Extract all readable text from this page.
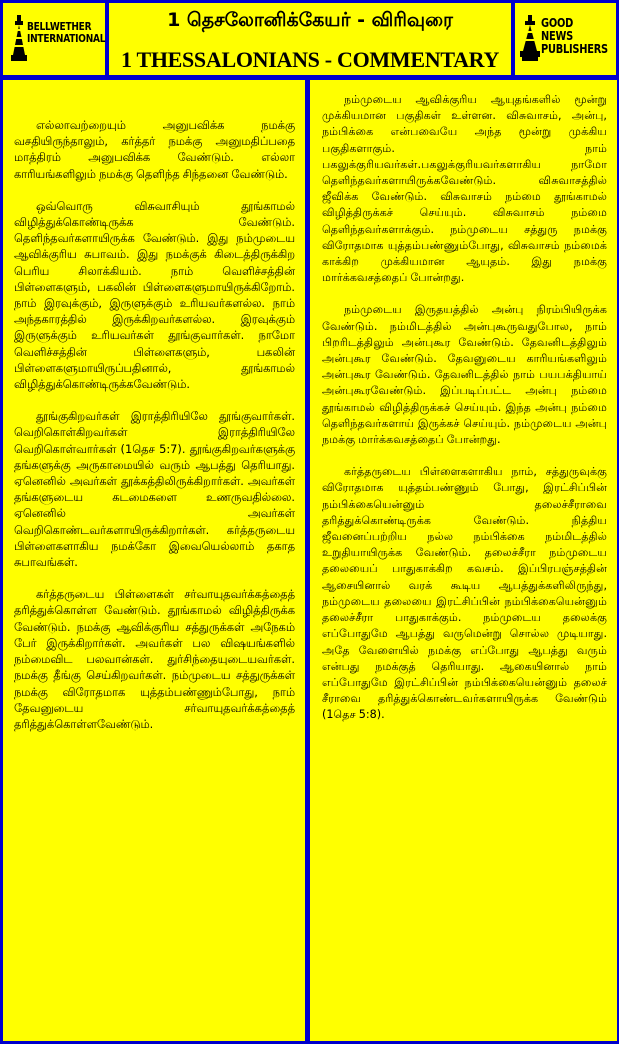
BELLWETHER INTERNATIONAL
1 தெசலோனிக்கேயர் - விரிவுரை
1 THESSALONIANS - COMMENTARY
GOOD NEWS PUBLISHERS

எல்லாவற்றையும் அனுபவிக்க நமக்கு வசதியிருந்தாலும், கர்த்தர் நமக்கு அனுமதிப்பதை மாத்திரம் அனுபவிக்க வேண்டும். எல்லா காரியங்களிலும் நமக்கு தெளிந்த சிந்தனை வேண்டும்.

ஒவ்வொரு விசுவாசியும் தூங்காமல் விழித்துக்கொண்டிருக்க வேண்டும். தெளிந்தவர்களாயிருக்க வேண்டும். இது நம்முடைய ஆவிக்குரிய சுபாவம். இது நமக்குக் கிடைத்திருக்கிற பெரிய சிலாக்கியம். நாம் வெளிச்சத்தின் பிள்ளைகளும், பகலின் பிள்ளைகளுமாயிருக்கிறோம். நாம் இரவுக்கும், இருளுக்கும் உரியவர்களல்ல. நாம் அந்தகாரத்தில் இருக்கிறவர்களல்ல. இரவுக்கும் இருளுக்கும் உரியவர்கள் தூங்குவார்கள். நாமோ வெளிச்சத்தின் பிள்ளைகளும், பகலின் பிள்ளைகளுமாயிருப்பதினால், தூங்காமல் விழித்துக்கொண்டிருக்கவேண்டும்.

தூங்குகிறவர்கள் இராத்திரியிலே தூங்குவார்கள். வெறிகொள்கிறவர்கள் இராத்திரியிலே வெறிகொள்வார்கள் (1தெச 5:7). தூங்குகிறவர்களுக்கு தங்களுக்கு அருகாமையில் வரும் ஆபத்து தெரியாது. ஏனெனில் அவர்கள் தூக்கத்திலிருக்கிறார்கள். அவர்கள் தங்களுடைய கடமைகளை உணருவதில்லை. ஏனெனில் அவர்கள் வெறிகொண்டவர்களாயிருக்கிறார்கள். கர்த்தருடைய பிள்ளைகளாகிய நமக்கோ இவையெல்லாம் தகாத சுபாவங்கள்.

கர்த்தருடைய பிள்ளைகள் சர்வாயுதவர்க்கத்தைத் தரித்துக்கொள்ள வேண்டும். தூங்காமல் விழித்திருக்க வேண்டும். நமக்கு ஆவிக்குரிய சத்துருக்கள் அநேகம் பேர் இருக்கிறார்கள். அவர்கள் பல விஷயங்களில் நம்மைவிட பலவான்கள். துர்சிந்தையுடையவர்கள். நமக்கு தீங்கு செய்கிறவர்கள். நம்முடைய சத்துருக்கள் நமக்கு விரோதமாக யுத்தம்பண்ணும்போது, நாம் தேவனுடைய சர்வாயுதவர்க்கத்தைத் தரித்துக்கொள்ளவேண்டும்.

நம்முடைய ஆவிக்குரிய ஆயுதங்களில் மூன்று முக்கியமான பகுதிகள் உள்ளன. விசுவாசம், அன்பு, நம்பிக்கை என்பவையே அந்த மூன்று முக்கிய பகுதிகளாகும். நாம் பகலுக்குரியவர்கள்.பகலுக்குரியவர்களாகிய நாமோ தெளிந்தவர்களாயிருக்கவேண்டும். விசுவாசத்தில் ஜீவிக்க வேண்டும். விசுவாசம் நம்மை தூங்காமல் விழித்திருக்கச் செய்யும். விசுவாசம் நம்மை தெளிந்தவர்களாக்கும். நம்முடைய சத்துரு நமக்கு விரோதமாக யுத்தம்பண்ணும்போது, விசுவாசம் நம்மைக் காக்கிற முக்கியமான ஆயுதம். இது நமக்கு மார்க்கவசத்தைப் போன்றது.

நம்முடைய இருதயத்தில் அன்பு நிரம்பியிருக்க வேண்டும். நம்மிடத்தில் அன்புகூருவதுபோல, நாம் பிறரிடத்திலும் அன்புகூர வேண்டும். தேவனிடத்திலும் அன்புகூர வேண்டும். தேவனுடைய காரியங்களிலும் அன்புகூர வேண்டும். தேவனிடத்தில் நாம் பயபக்தியாய் அன்புகூரவேண்டும். இப்படிப்பட்ட அன்பு நம்மை தூங்காமல் விழித்திருக்கச் செய்யும். இந்த அன்பு நம்மை தெளிந்தவர்களாய் இருக்கச் செய்யும். நம்முடைய அன்பு நமக்கு மார்க்கவசத்தைப் போன்றது.

கர்த்தருடைய பிள்ளைகளாகிய நாம், சத்துருவுக்கு விரோதமாக யுத்தம்பண்ணும் போது, இரட்சிப்பின் நம்பிக்கையென்னும் தலைச்சீராவை தரித்துக்கொண்டிருக்க வேண்டும். நித்திய ஜீவனைப்பற்றிய நல்ல நம்பிக்கை நம்மிடத்தில் உறுதியாயிருக்க வேண்டும். தலைச்சீரா நம்முடைய தலையைப் பாதுகாக்கிற கவசம். இப்பிரபஞ்சத்தின் ஆசையினால் வரக் கூடிய ஆபத்துக்களிலிருந்து, நம்முடைய தலையை இரட்சிப்பின் நம்பிக்கையென்னும் தலைச்சீரா பாதுகாக்கும். நம்முடைய தலைக்கு எப்போதுமே ஆபத்து வருமென்று சொல்ல முடியாது. அதே வேளையில் நமக்கு எப்போது ஆபத்து வரும் என்பது நமக்குத் தெரியாது. ஆகையினால் நாம் எப்போதுமே இரட்சிப்பின் நம்பிக்கையென்னும் தலைச் சீராவை தரித்துக்கொண்டவர்களாயிருக்க வேண்டும் (1தெச 5:8).
